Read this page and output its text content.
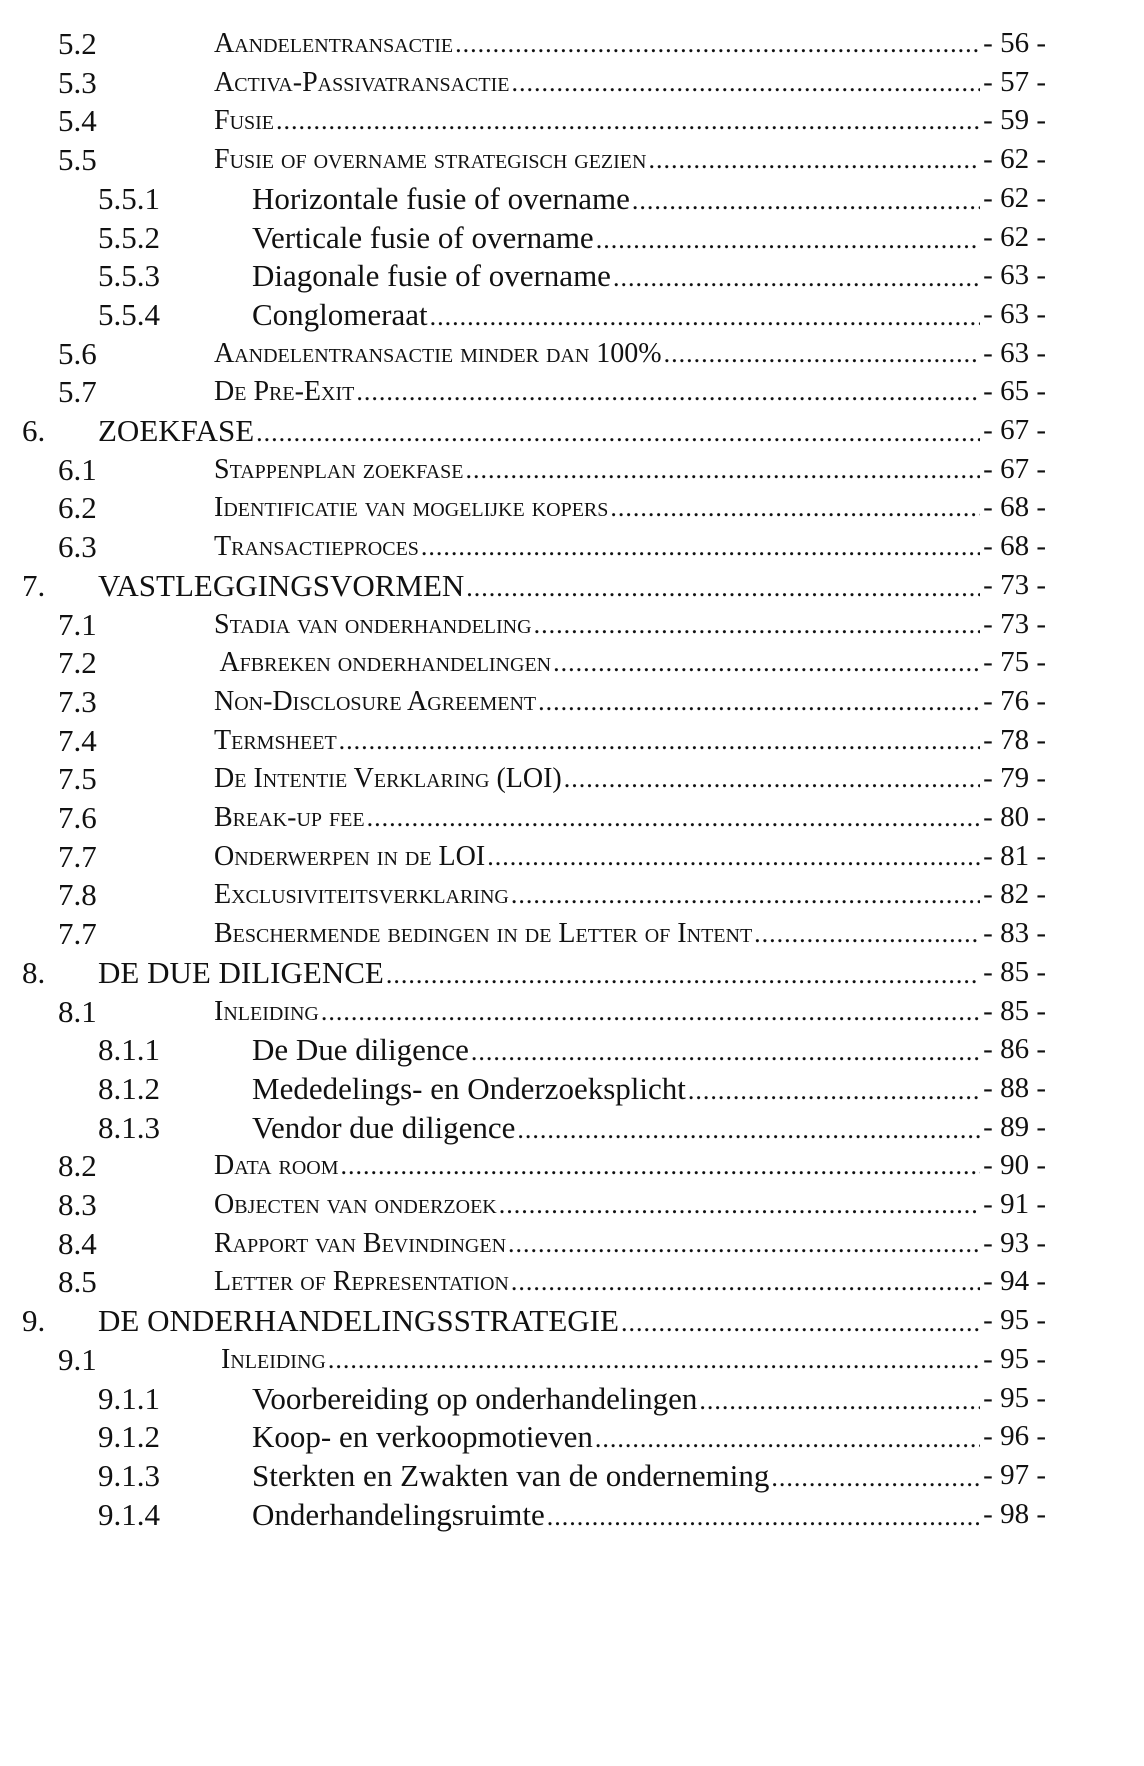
5.2	Aandelentransactie .....	- 56 -
5.3	Activa-Passivatransactie .....	- 57 -
5.4	Fusie .....	- 59 -
5.5	Fusie of overname strategisch gezien .....	- 62 -
5.5.1	Horizontale fusie of overname .....	- 62 -
5.5.2	Verticale fusie of overname .....	- 62 -
5.5.3	Diagonale fusie of overname .....	- 63 -
5.5.4	Conglomeraat .....	- 63 -
5.6	Aandelentransactie minder dan 100% .....	- 63 -
5.7	De Pre-Exit .....	- 65 -
6. ZOEKFASE .....	- 67 -
6.1	Stappenplan zoekfase .....	- 67 -
6.2	Identificatie van mogelijke kopers .....	- 68 -
6.3	Transactieproces .....	- 68 -
7. VASTLEGGINGSVORMEN .....	- 73 -
7.1	Stadia van onderhandeling .....	- 73 -
7.2	Afbreken onderhandelingen .....	- 75 -
7.3	Non-Disclosure Agreement .....	- 76 -
7.4	Termsheet .....	- 78 -
7.5	De Intentie Verklaring (LOI) .....	- 79 -
7.6	Break-up fee .....	- 80 -
7.7	Onderwerpen in de LOI .....	- 81 -
7.8	Exclusiviteitsverklaring .....	- 82 -
7.7	Beschermende bedingen in de Letter of Intent .....	- 83 -
8. DE DUE DILIGENCE .....	- 85 -
8.1	Inleiding .....	- 85 -
8.1.1	De Due diligence .....	- 86 -
8.1.2	Mededelings- en Onderzoeksplicht .....	- 88 -
8.1.3	Vendor due diligence .....	- 89 -
8.2	Data room .....	- 90 -
8.3	Objecten van onderzoek .....	- 91 -
8.4	Rapport van Bevindingen .....	- 93 -
8.5	Letter of Representation .....	- 94 -
9. DE ONDERHANDELINGSSTRATEGIE .....	- 95 -
9.1	Inleiding .....	- 95 -
9.1.1	Voorbereiding op onderhandelingen .....	- 95 -
9.1.2	Koop- en verkoopmotieven .....	- 96 -
9.1.3	Sterkten en Zwakten van de onderneming .....	- 97 -
9.1.4	Onderhandelingsruimte .....	- 98 -
